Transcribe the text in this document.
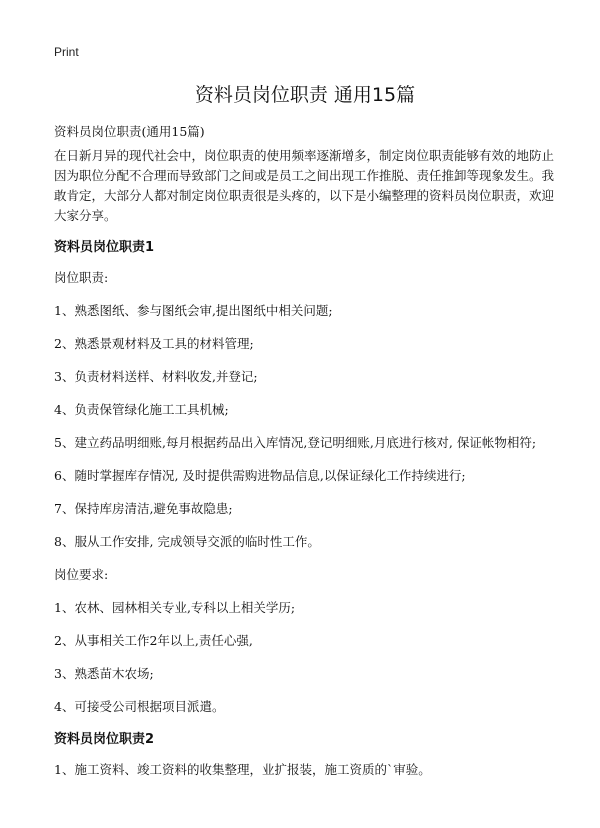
Print
资料员岗位职责 通用15篇

资料员岗位职责(通用15篇)

在日新月异的现代社会中，岗位职责的使用频率逐渐增多，制定岗位职责能够有效的地防止因为职位分配不合理而导致部门之间或是员工之间出现工作推脱、责任推卸等现象发生。我敢肯定，大部分人都对制定岗位职责很是头疼的，以下是小编整理的资料员岗位职责，欢迎大家分享。

资料员岗位职责1

岗位职责:

1、熟悉图纸、参与图纸会审,提出图纸中相关问题;

2、熟悉景观材料及工具的材料管理;

3、负责材料送样、材料收发,并登记;

4、负责保管绿化施工工具机械;

5、建立药品明细账,每月根据药品出入库情况,登记明细账,月底进行核对, 保证帐物相符;

6、随时掌握库存情况, 及时提供需购进物品信息,以保证绿化工作持续进行;

7、保持库房清洁,避免事故隐患;

8、服从工作安排, 完成领导交派的临时性工作。

岗位要求:

1、农林、园林相关专业,专科以上相关学历;

2、从事相关工作2年以上,责任心强,

3、熟悉苗木农场;

4、可接受公司根据项目派遣。

资料员岗位职责2

1、施工资料、竣工资料的收集整理，业扩报装，施工资质的`审验。
